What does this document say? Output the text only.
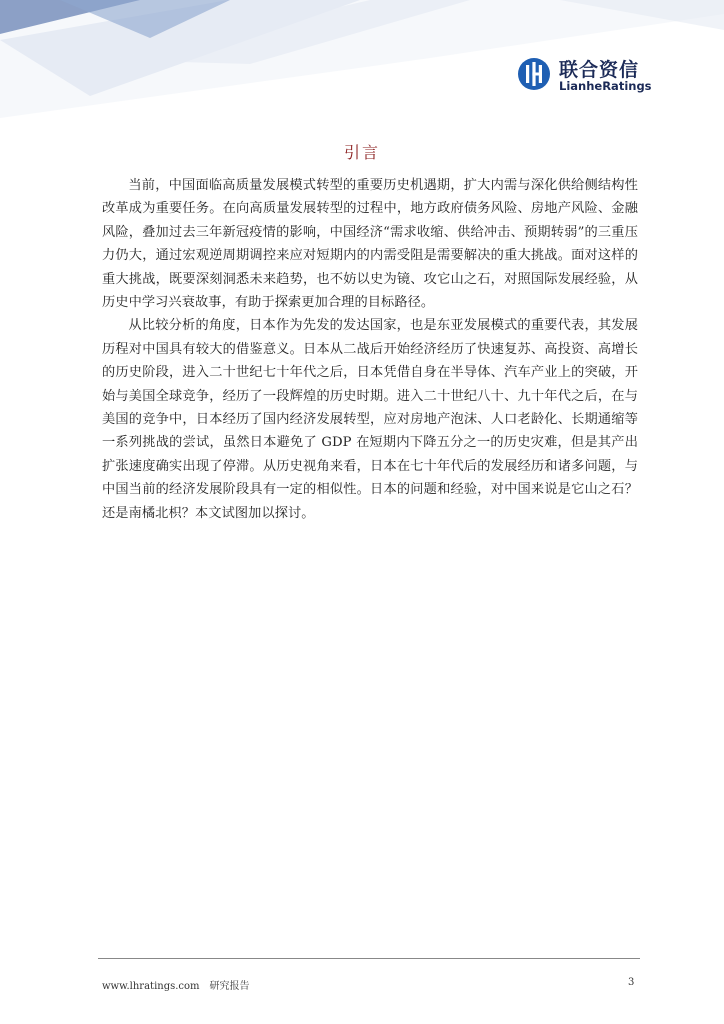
联合资信
LianheRatings
引言

当前，中国面临高质量发展模式转型的重要历史机遇期，扩大内需与深化供给侧结构性改革成为重要任务。在向高质量发展转型的过程中，地方政府债务风险、房地产风险、金融风险，叠加过去三年新冠疫情的影响，中国经济“需求收缩、供给冲击、预期转弱”的三重压力仍大，通过宏观逆周期调控来应对短期内的内需受阻是需要解决的重大挑战。面对这样的重大挑战，既要深刻洞悉未来趋势，也不妨以史为镜、攻它山之石，对照国际发展经验，从历史中学习兴衰故事，有助于探索更加合理的目标路径。

从比较分析的角度，日本作为先发的发达国家，也是东亚发展模式的重要代表，其发展历程对中国具有较大的借鉴意义。日本从二战后开始经济经历了快速复苏、高投资、高增长的历史阶段，进入二十世纪七十年代之后，日本凭借自身在半导体、汽车产业上的突破，开始与美国全球竞争，经历了一段辉煌的历史时期。进入二十世纪八十、九十年代之后，在与美国的竞争中，日本经历了国内经济发展转型，应对房地产泡沫、人口老龄化、长期通缩等一系列挑战的尝试，虽然日本避免了 GDP 在短期内下降五分之一的历史灾难，但是其产出扩张速度确实出现了停滞。从历史视角来看，日本在七十年代后的发展经历和诸多问题，与中国当前的经济发展阶段具有一定的相似性。日本的问题和经验，对中国来说是它山之石？还是南橘北枳？本文试图加以探讨。

www.lhratings.com 研究报告	3
